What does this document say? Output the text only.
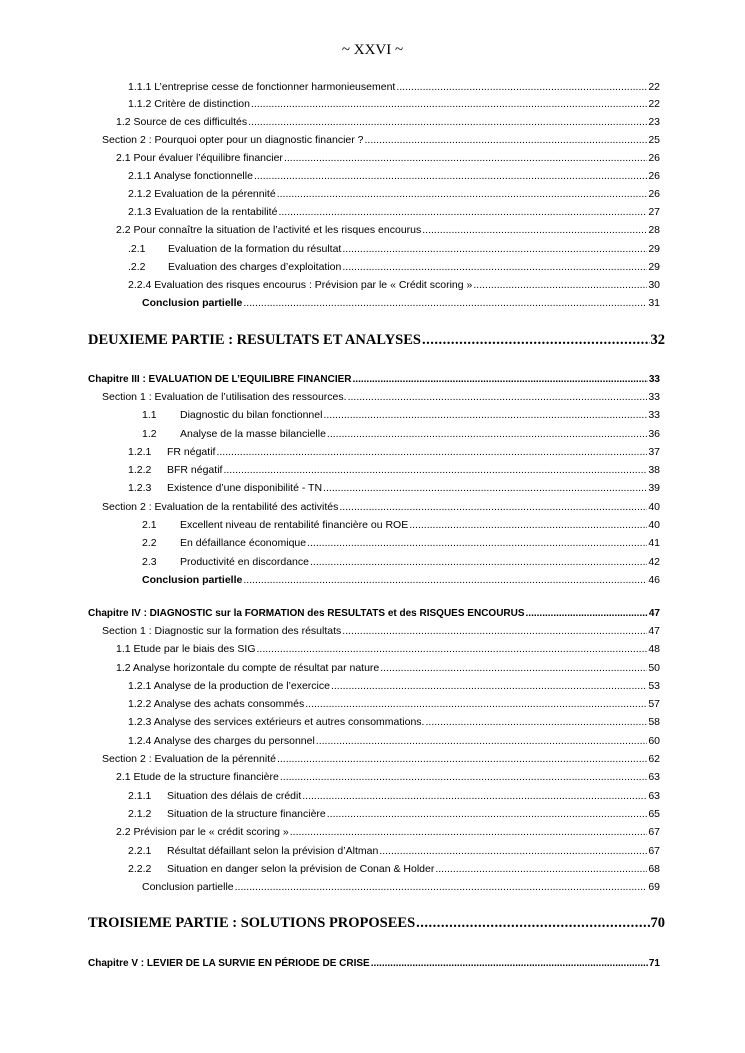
~ XXVI ~
1.1.1 L’entreprise cesse de fonctionner harmonieusement .....	22
1.1.2 Critère de distinction .....	22
1.2 Source de ces difficultés .....	23
Section 2 : Pourquoi opter pour un diagnostic financier ? .....	25
2.1 Pour évaluer l’équilibre financier .....	26
2.1.1 Analyse fonctionnelle .....	26
2.1.2 Evaluation de la pérennité .....	26
2.1.3 Evaluation de la rentabilité .....	27
2.2 Pour connaître la situation de l’activité et les risques encourus .....	28
.2.1	Evaluation de la formation du résultat .....	29
.2.2	Evaluation des charges d’exploitation .....	29
2.2.4 Evaluation des risques encourus : Prévision par le « Crédit scoring » .....	30
Conclusion partielle .....	31
DEUXIEME PARTIE : RESULTATS ET ANALYSES .....	32
Chapitre III : EVALUATION DE L’EQUILIBRE FINANCIER .....	33
Section 1 : Evaluation de l’utilisation des ressources. .....	33
1.1	Diagnostic du bilan fonctionnel .....	33
1.2	Analyse de la masse bilancielle .....	36
1.2.1	FR négatif .....	37
1.2.2	BFR négatif .....	38
1.2.3	Existence d’une disponibilité - TN .....	39
Section 2 : Evaluation de la rentabilité des activités .....	40
2.1	Excellent niveau de rentabilité financière ou ROE .....	40
2.2	En défaillance économique .....	41
2.3	Productivité en discordance .....	42
Conclusion partielle .....	46
Chapitre IV : DIAGNOSTIC sur la FORMATION des RESULTATS et des RISQUES ENCOURUS .....	47
Section 1 : Diagnostic sur la formation des résultats .....	47
1.1 Etude par le biais des SIG .....	48
1.2 Analyse horizontale du compte de résultat par nature .....	50
1.2.1 Analyse de la production de l’exercice .....	53
1.2.2 Analyse des achats consommés .....	57
1.2.3 Analyse des services extérieurs et autres consommations. .....	58
1.2.4 Analyse des charges du personnel .....	60
Section 2 : Evaluation de la pérennité .....	62
2.1 Etude de la structure financière .....	63
2.1.1	Situation des délais de crédit .....	63
2.1.2	Situation de la structure financière .....	65
2.2 Prévision par le « crédit scoring » .....	67
2.2.1	Résultat défaillant selon la prévision d’Altman .....	67
2.2.2	Situation en danger selon la prévision de Conan & Holder .....	68
Conclusion partielle .....	69
TROISIEME PARTIE : SOLUTIONS PROPOSEES .....	70
Chapitre V : LEVIER DE LA SURVIE EN PÉRIODE DE CRISE .....	71
